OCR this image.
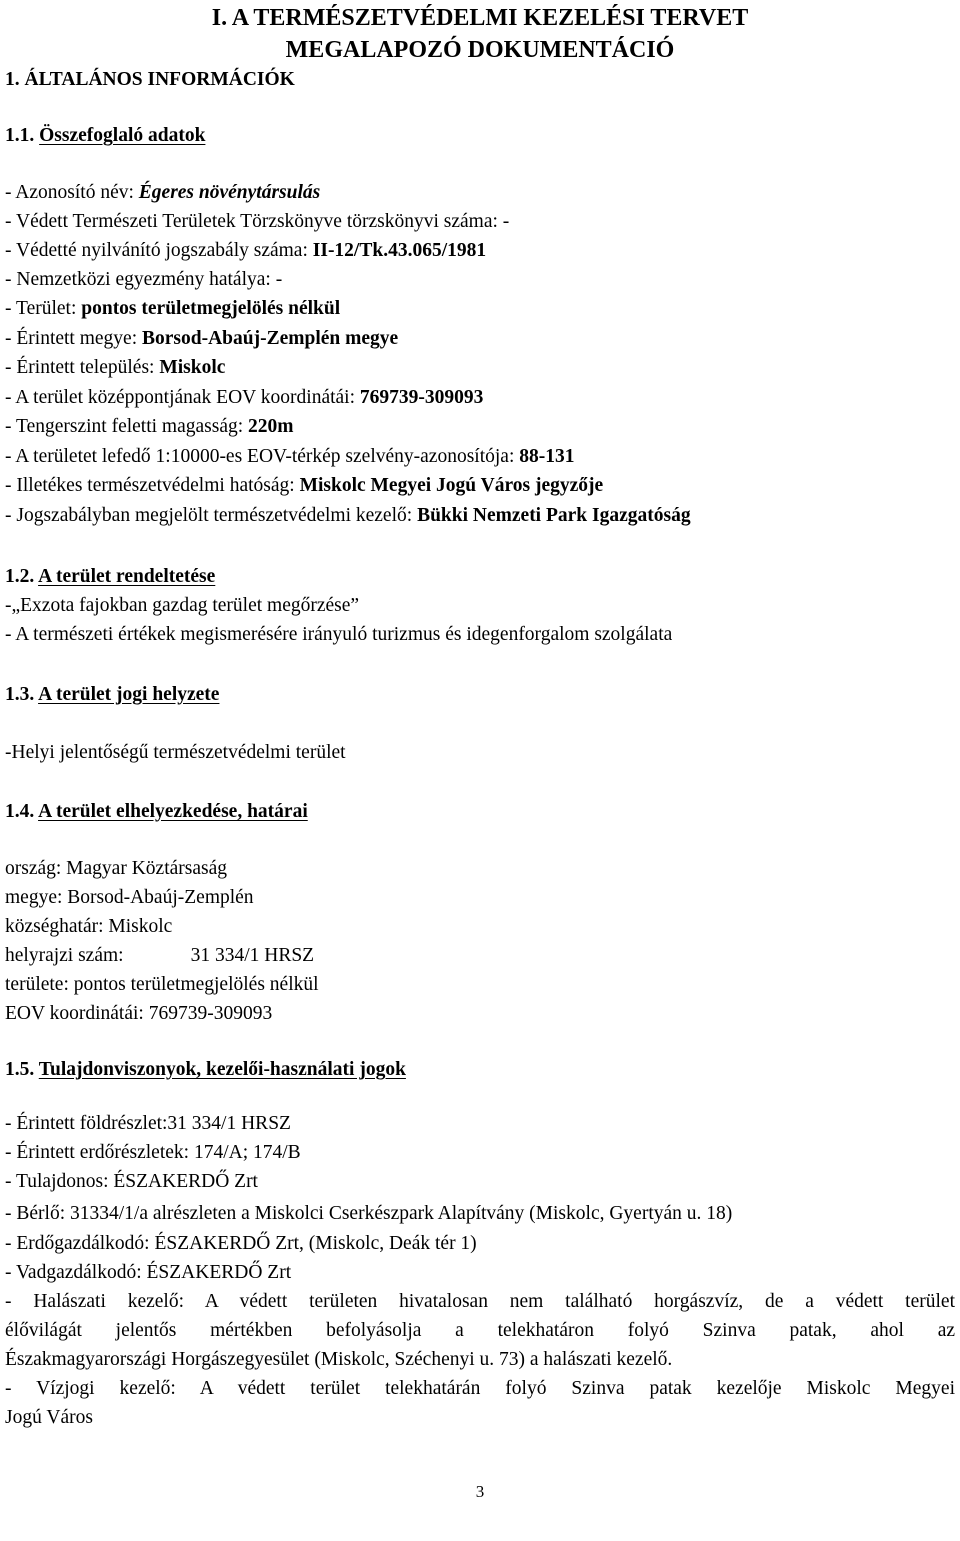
I. A TERMÉSZETVÉDELMI KEZELÉSI TERVET
MEGALAPOZÓ DOKUMENTÁCIÓ
1. ÁLTALÁNOS INFORMÁCIÓK
1.1. Összefoglaló adatok
- Azonosító név: Égeres növénytársulás
- Védett Természeti Területek Törzskönyve törzskönyvi száma: -
- Védetté nyilvánító jogszabály száma: II-12/Tk.43.065/1981
- Nemzetközi egyezmény hatálya: -
- Terület: pontos területmegjelölés nélkül
- Érintett megye: Borsod-Abaúj-Zemplén megye
- Érintett település: Miskolc
- A terület középpontjának EOV koordinátái: 769739-309093
- Tengerszint feletti magasság: 220m
- A területet lefedő 1:10000-es EOV-térkép szelvény-azonosítója: 88-131
- Illetékes természetvédelmi hatóság: Miskolc Megyei Jogú Város jegyzője
- Jogszabályban megjelölt természetvédelmi kezelő: Bükki Nemzeti Park Igazgatóság
1.2. A terület rendeltetése
-„Exzota fajokban gazdag terület megőrzése”
- A természeti értékek megismerésére irányuló turizmus és idegenforgalom szolgálata
1.3. A terület jogi helyzete
-Helyi jelentőségű természetvédelmi terület
1.4. A terület elhelyezkedése, határai
ország: Magyar Köztársaság
megye: Borsod-Abaúj-Zemplén
községhatár: Miskolc
helyrajzi szám:	31 334/1 HRSZ
területe: pontos területmegjelölés nélkül
EOV koordinátái: 769739-309093
1.5. Tulajdonviszonyok, kezelői-használati jogok
- Érintett földrészlet:31 334/1 HRSZ
- Érintett erdőrészletek: 174/A; 174/B
- Tulajdonos: ÉSZAKERDŐ Zrt
- Bérlő: 31334/1/a alrészleten a Miskolci Cserkészpark Alapítvány (Miskolc, Gyertyán u. 18)
- Erdőgazdálkodó: ÉSZAKERDŐ Zrt, (Miskolc, Deák tér 1)
- Vadgazdálkodó: ÉSZAKERDŐ Zrt
- Halászati kezelő: A védett területen hivatalosan nem található horgászvíz, de a védett terület
élővilágát jelentős mértékben befolyásolja a telekhatáron folyó Szinva patak, ahol az
Északmagyarországi Horgászegyesület (Miskolc, Széchenyi u. 73) a halászati kezelő.
- Vízjogi kezelő: A védett terület telekhatárán folyó Szinva patak kezelője Miskolc Megyei
Jogú Város
3
